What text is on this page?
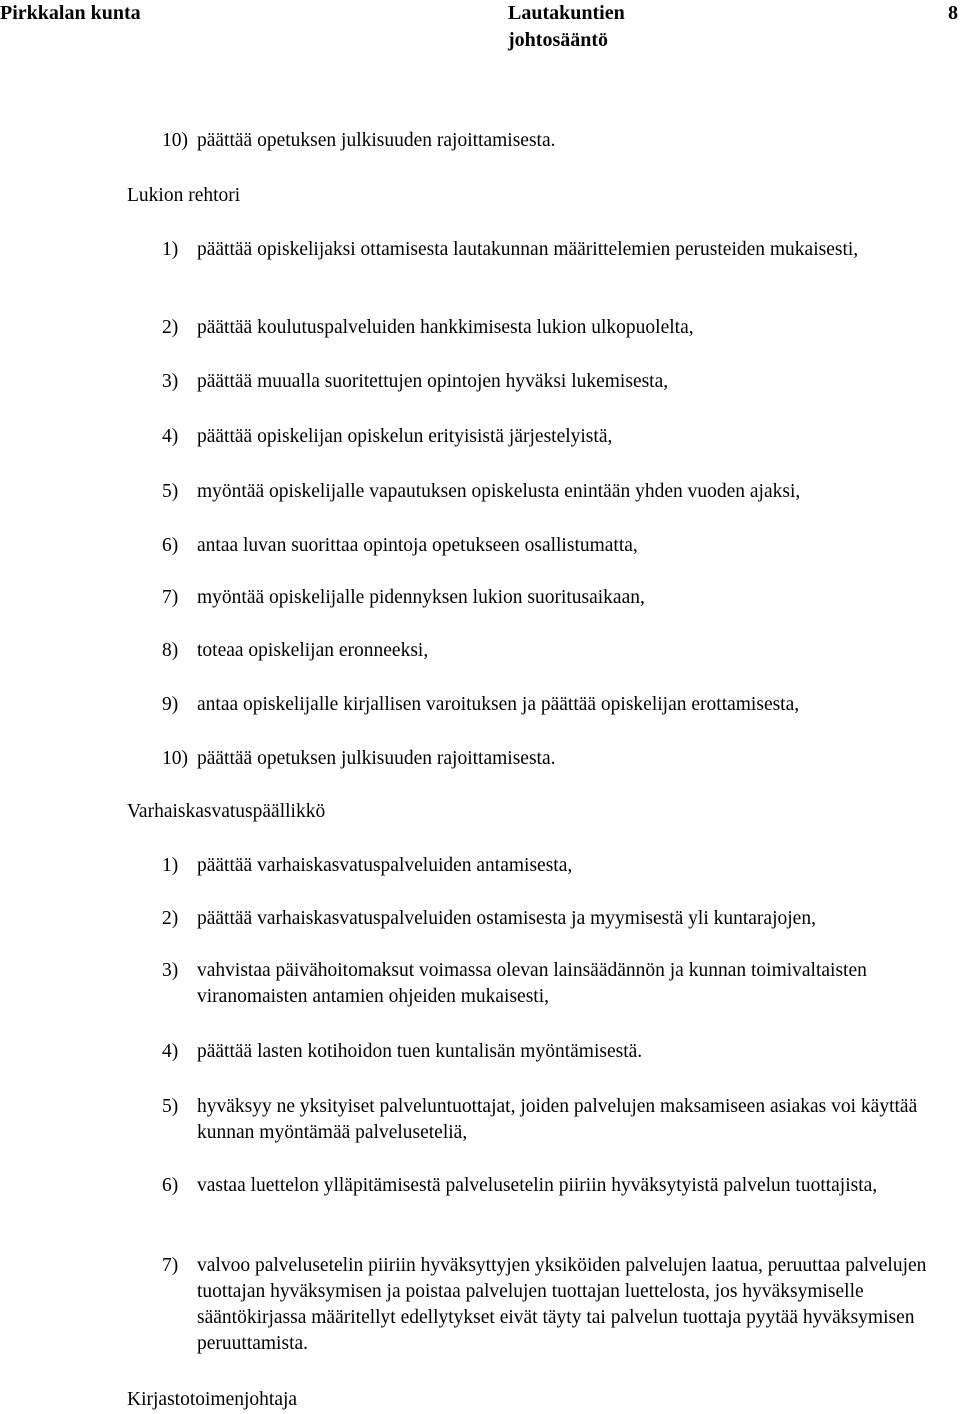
Pirkkalan kunta	Lautakuntien
johtosääntö
8
10) päättää opetuksen julkisuuden rajoittamisesta.
Lukion rehtori
1) päättää opiskelijaksi ottamisesta lautakunnan määrittelemien perusteiden mukaisesti,
2) päättää koulutuspalveluiden hankkimisesta lukion ulkopuolelta,
3) päättää muualla suoritettujen opintojen hyväksi lukemisesta,
4) päättää opiskelijan opiskelun erityisistä järjestelyistä,
5) myöntää opiskelijalle vapautuksen opiskelusta enintään yhden vuoden ajaksi,
6) antaa luvan suorittaa opintoja opetukseen osallistumatta,
7) myöntää opiskelijalle pidennyksen lukion suoritusaikaan,
8) toteaa opiskelijan eronneeksi,
9) antaa opiskelijalle kirjallisen varoituksen ja päättää opiskelijan erottamisesta,
10) päättää opetuksen julkisuuden rajoittamisesta.
Varhaiskasvatuspäällikkö
1) päättää varhaiskasvatuspalveluiden antamisesta,
2) päättää varhaiskasvatuspalveluiden ostamisesta ja myymisestä yli kuntarajojen,
3) vahvistaa päivähoitomaksut voimassa olevan lainsäädännön ja kunnan toimivaltaisten viranomaisten antamien ohjeiden mukaisesti,
4) päättää lasten kotihoidon tuen kuntalisän myöntämisestä.
5) hyväksyy ne yksityiset palveluntuottajat, joiden palvelujen maksamiseen asiakas voi käyttää kunnan myöntämää palveluseteliä,
6) vastaa luettelon ylläpitämisestä palvelusetelin piiriin hyväksytyistä palvelun tuottajista,
7) valvoo palvelusetelin piiriin hyväksyttyjen yksiköiden palvelujen laatua, peruuttaa palvelujen tuottajan hyväksymisen ja poistaa palvelujen tuottajan luettelosta, jos hyväksymiselle sääntökirjassa määritellyt edellytykset eivät täyty tai palvelun tuottaja pyytää hyväksymisen peruuttamista.
Kirjastotoimenjohtaja
